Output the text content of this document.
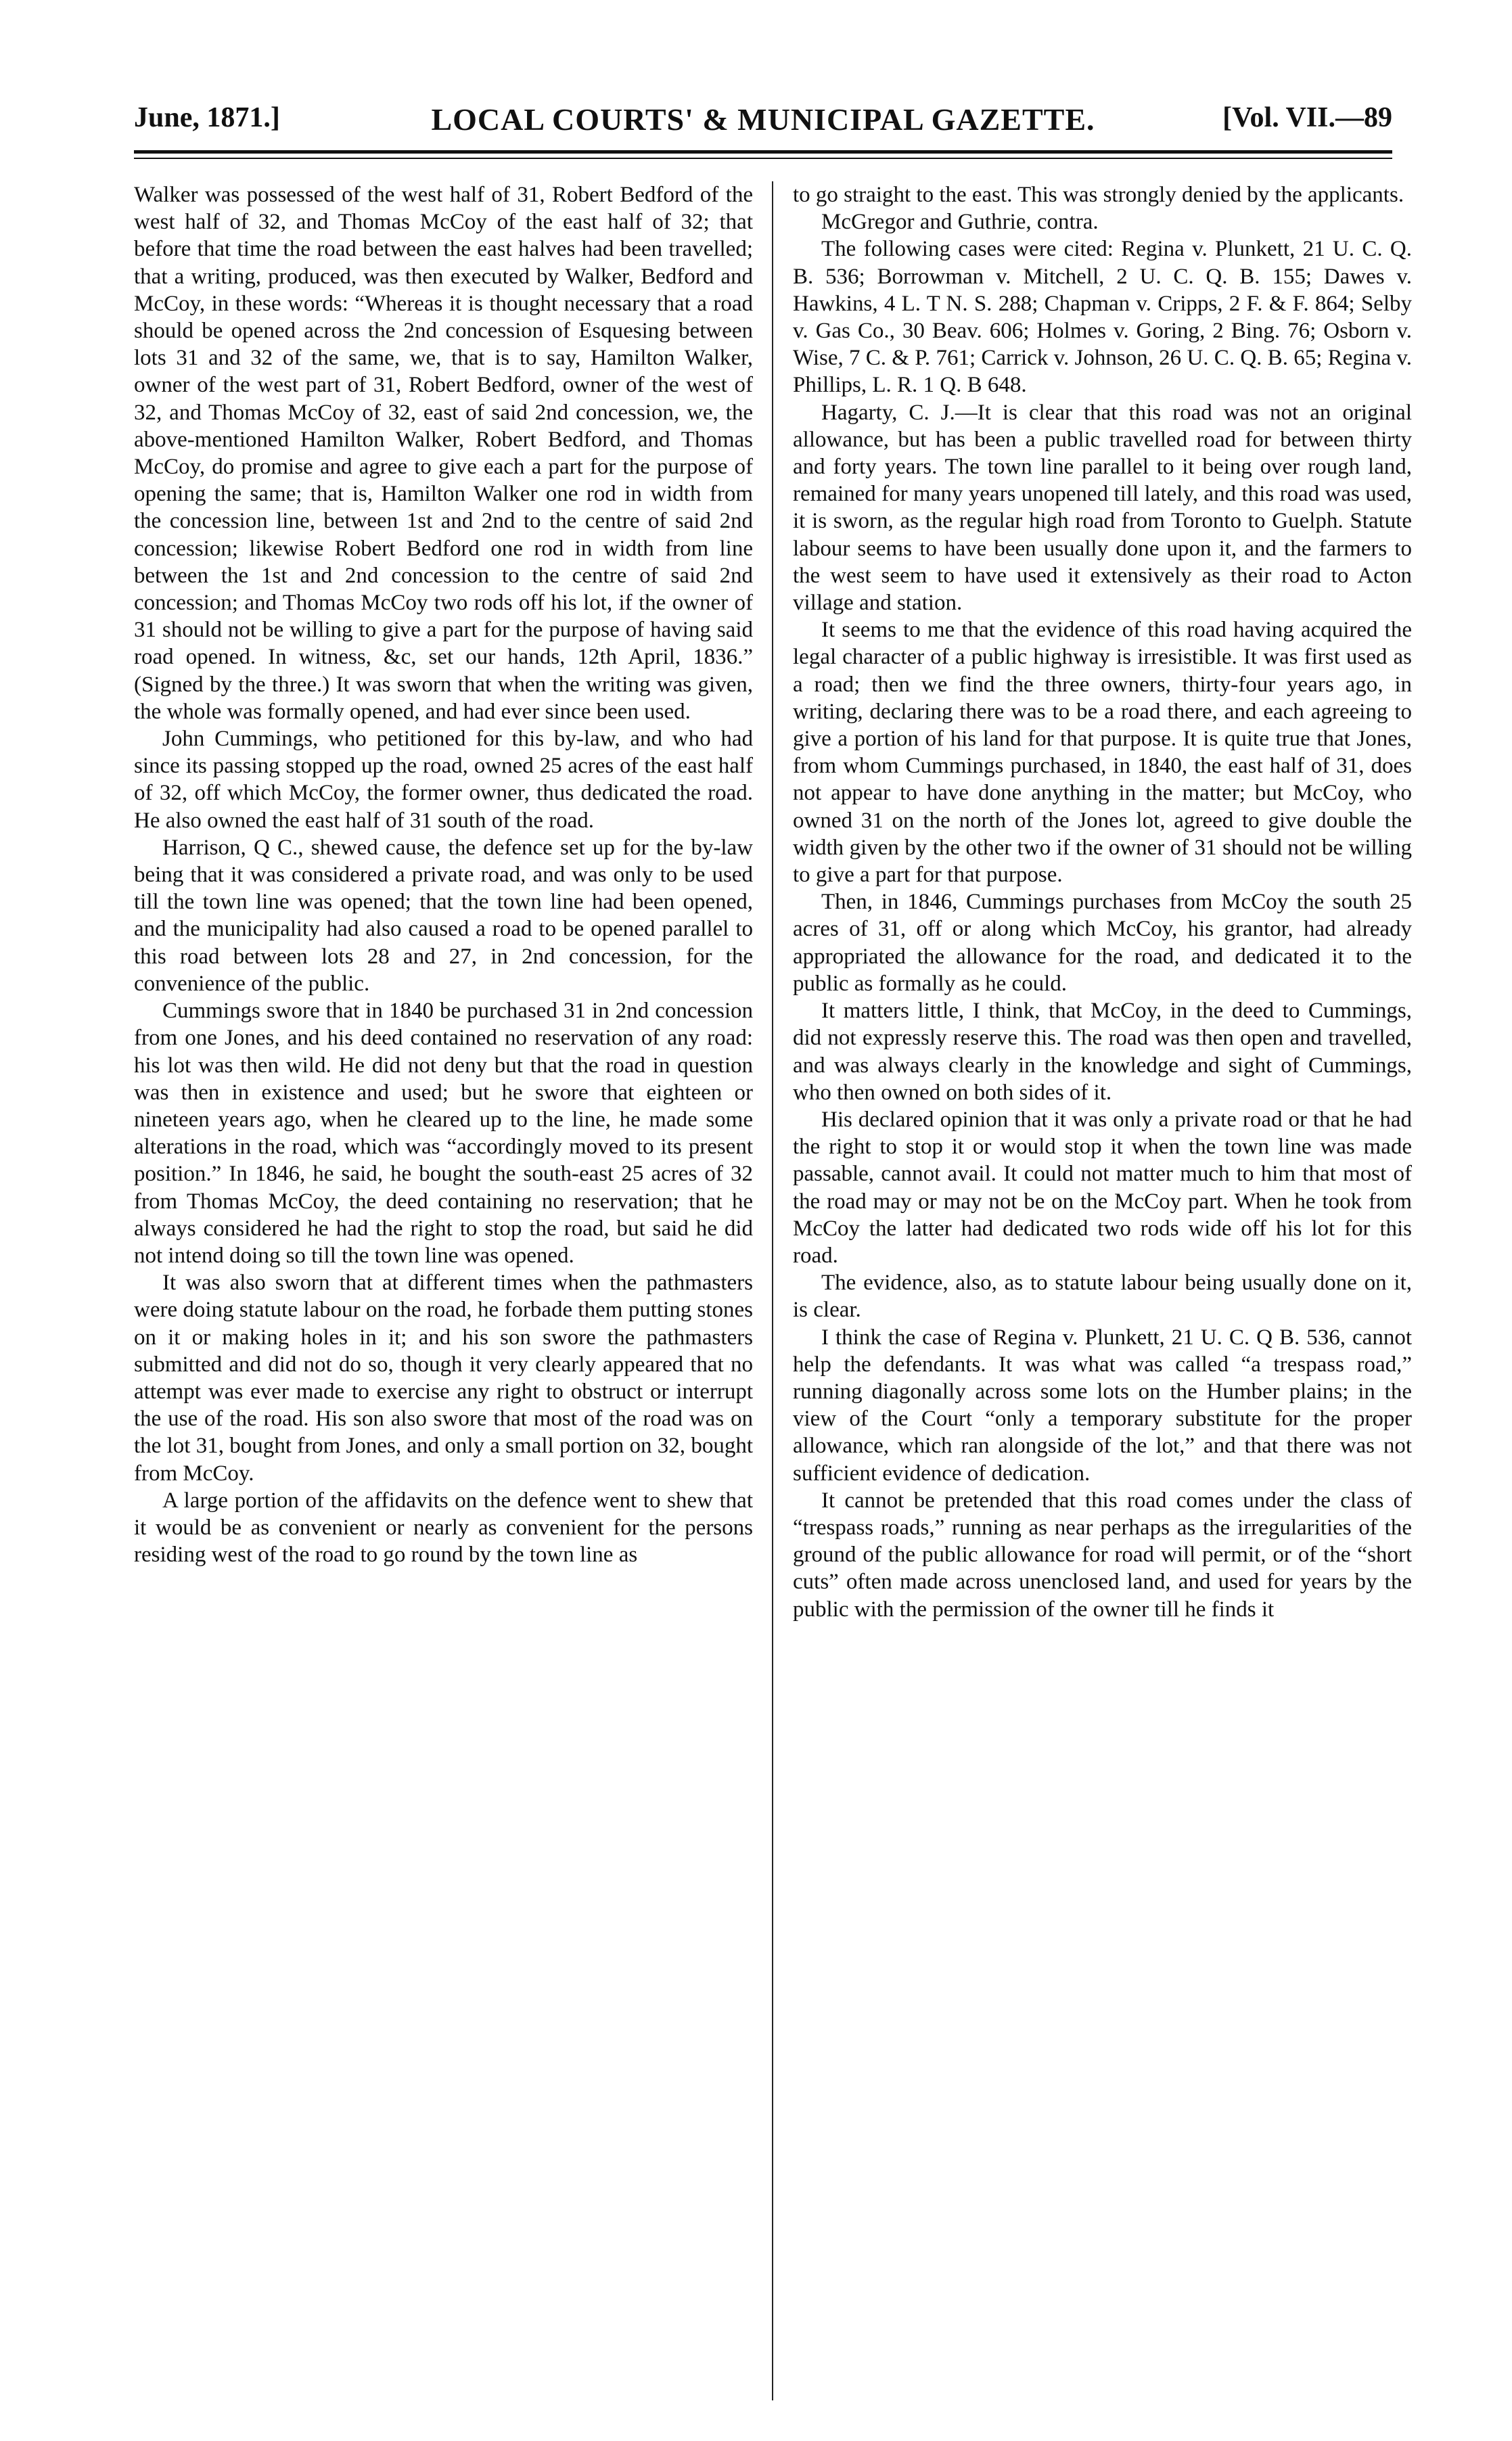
June, 1871.]	LOCAL COURTS' & MUNICIPAL GAZETTE.	[Vol. VII.—89

Walker was possessed of the west half of 31, Robert Bedford of the west half of 32, and Thomas McCoy of the east half of 32; that before that time the road between the east halves had been travelled; that a writing, produced, was then executed by Walker, Bedford and McCoy, in these words: “Whereas it is thought necessary that a road should be opened across the 2nd concession of Esquesing between lots 31 and 32 of the same, we, that is to say, Hamilton Walker, owner of the west part of 31, Robert Bedford, owner of the west of 32, and Thomas McCoy of 32, east of said 2nd concession, we, the above-mentioned Hamilton Walker, Robert Bedford, and Thomas McCoy, do promise and agree to give each a part for the purpose of opening the same; that is, Hamilton Walker one rod in width from the concession line, between 1st and 2nd to the centre of said 2nd concession; likewise Robert Bedford one rod in width from line between the 1st and 2nd concession to the centre of said 2nd concession; and Thomas McCoy two rods off his lot, if the owner of 31 should not be willing to give a part for the purpose of having said road opened. In witness, &c, set our hands, 12th April, 1836.” (Signed by the three.) It was sworn that when the writing was given, the whole was formally opened, and had ever since been used.

John Cummings, who petitioned for this by-law, and who had since its passing stopped up the road, owned 25 acres of the east half of 32, off which McCoy, the former owner, thus dedicated the road. He also owned the east half of 31 south of the road.

Harrison, Q C., shewed cause, the defence set up for the by-law being that it was considered a private road, and was only to be used till the town line was opened; that the town line had been opened, and the municipality had also caused a road to be opened parallel to this road between lots 28 and 27, in 2nd concession, for the convenience of the public.

Cummings swore that in 1840 be purchased 31 in 2nd concession from one Jones, and his deed contained no reservation of any road: his lot was then wild. He did not deny but that the road in question was then in existence and used; but he swore that eighteen or nineteen years ago, when he cleared up to the line, he made some alterations in the road, which was “accordingly moved to its present position.” In 1846, he said, he bought the south-east 25 acres of 32 from Thomas McCoy, the deed containing no reservation; that he always considered he had the right to stop the road, but said he did not intend doing so till the town line was opened.

It was also sworn that at different times when the pathmasters were doing statute labour on the road, he forbade them putting stones on it or making holes in it; and his son swore the pathmasters submitted and did not do so, though it very clearly appeared that no attempt was ever made to exercise any right to obstruct or interrupt the use of the road. His son also swore that most of the road was on the lot 31, bought from Jones, and only a small portion on 32, bought from McCoy.

A large portion of the affidavits on the defence went to shew that it would be as convenient or nearly as convenient for the persons residing west of the road to go round by the town line as

to go straight to the east. This was strongly denied by the applicants.

McGregor and Guthrie, contra.

The following cases were cited: Regina v. Plunkett, 21 U. C. Q. B. 536; Borrowman v. Mitchell, 2 U. C. Q. B. 155; Dawes v. Hawkins, 4 L. T N. S. 288; Chapman v. Cripps, 2 F. & F. 864; Selby v. Gas Co., 30 Beav. 606; Holmes v. Goring, 2 Bing. 76; Osborn v. Wise, 7 C. & P. 761; Carrick v. Johnson, 26 U. C. Q. B. 65; Regina v. Phillips, L. R. 1 Q. B 648.

Hagarty, C. J.—It is clear that this road was not an original allowance, but has been a public travelled road for between thirty and forty years. The town line parallel to it being over rough land, remained for many years unopened till lately, and this road was used, it is sworn, as the regular high road from Toronto to Guelph. Statute labour seems to have been usually done upon it, and the farmers to the west seem to have used it extensively as their road to Acton village and station.

It seems to me that the evidence of this road having acquired the legal character of a public highway is irresistible. It was first used as a road; then we find the three owners, thirty-four years ago, in writing, declaring there was to be a road there, and each agreeing to give a portion of his land for that purpose. It is quite true that Jones, from whom Cummings purchased, in 1840, the east half of 31, does not appear to have done anything in the matter; but McCoy, who owned 31 on the north of the Jones lot, agreed to give double the width given by the other two if the owner of 31 should not be willing to give a part for that purpose.

Then, in 1846, Cummings purchases from McCoy the south 25 acres of 31, off or along which McCoy, his grantor, had already appropriated the allowance for the road, and dedicated it to the public as formally as he could.

It matters little, I think, that McCoy, in the deed to Cummings, did not expressly reserve this. The road was then open and travelled, and was always clearly in the knowledge and sight of Cummings, who then owned on both sides of it.

His declared opinion that it was only a private road or that he had the right to stop it or would stop it when the town line was made passable, cannot avail. It could not matter much to him that most of the road may or may not be on the McCoy part. When he took from McCoy the latter had dedicated two rods wide off his lot for this road.

The evidence, also, as to statute labour being usually done on it, is clear.

I think the case of Regina v. Plunkett, 21 U. C. Q B. 536, cannot help the defendants. It was what was called “a trespass road,” running diagonally across some lots on the Humber plains; in the view of the Court “only a temporary substitute for the proper allowance, which ran alongside of the lot,” and that there was not sufficient evidence of dedication.

It cannot be pretended that this road comes under the class of “trespass roads,” running as near perhaps as the irregularities of the ground of the public allowance for road will permit, or of the “short cuts” often made across unenclosed land, and used for years by the public with the permission of the owner till he finds it
